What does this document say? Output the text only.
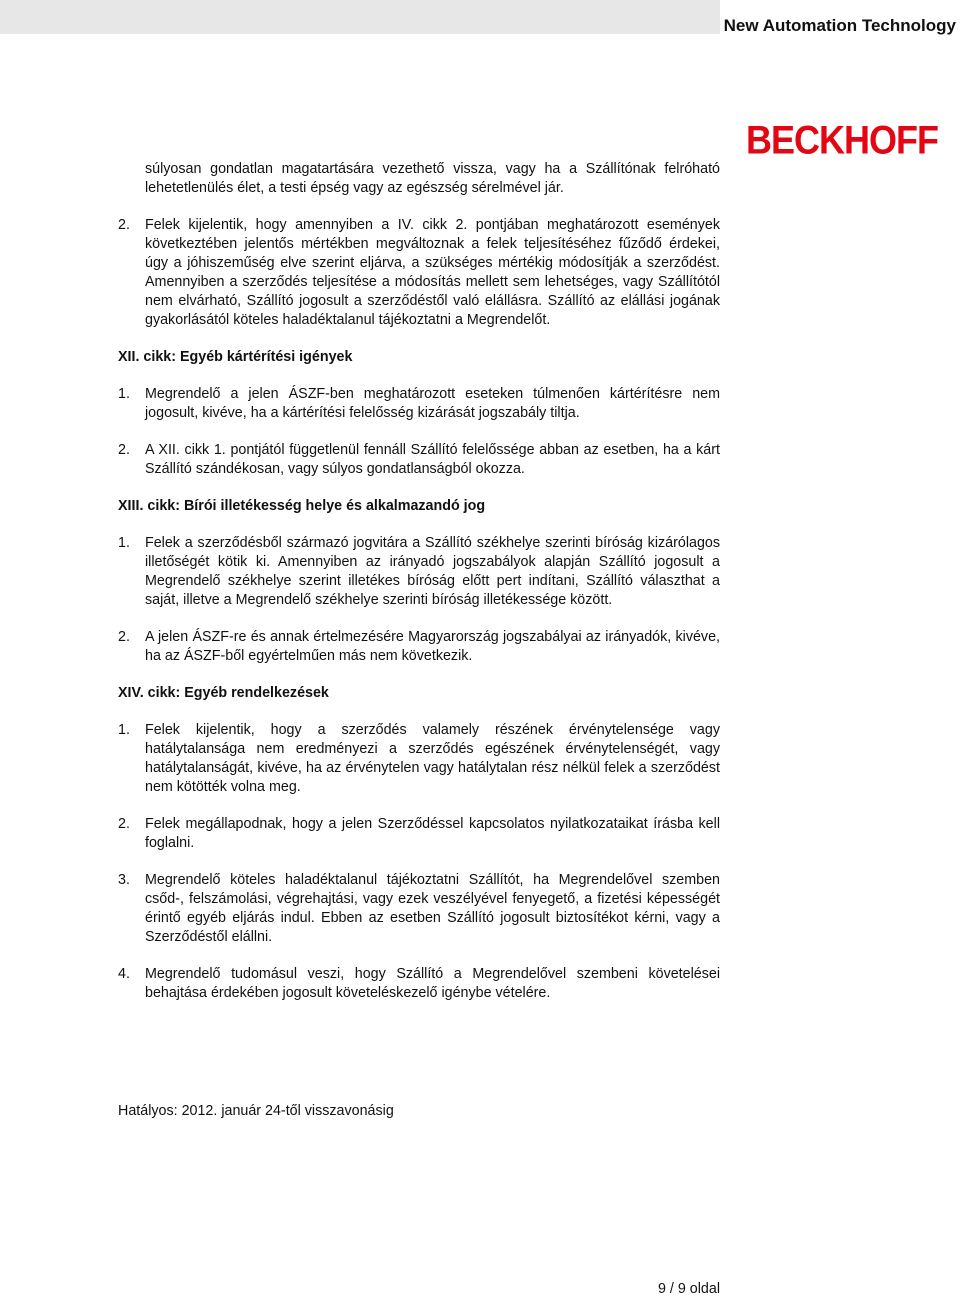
New Automation Technology

BECKHOFF

súlyosan gondatlan magatartására vezethető vissza, vagy ha a Szállítónak felróható lehetetlenülés élet, a testi épség vagy az egészség sérelmével jár.

2.	Felek kijelentik, hogy amennyiben a IV. cikk 2. pontjában meghatározott események következtében jelentős mértékben megváltoznak a felek teljesítéséhez fűződő érdekei, úgy a jóhiszeműség elve szerint eljárva, a szükséges mértékig módosítják a szerződést. Amennyiben a szerződés teljesítése a módosítás mellett sem lehetséges, vagy Szállítótól nem elvárható, Szállító jogosult a szerződéstől való elállásra. Szállító az elállási jogának gyakorlásától köteles haladéktalanul tájékoztatni a Megrendelőt.

XII. cikk: Egyéb kártérítési igények

1.	Megrendelő a jelen ÁSZF-ben meghatározott eseteken túlmenően kártérítésre nem jogosult, kivéve, ha a kártérítési felelősség kizárását jogszabály tiltja.
2.	A XII. cikk 1. pontjától függetlenül fennáll Szállító felelőssége abban az esetben, ha a kárt Szállító szándékosan, vagy súlyos gondatlanságból okozza.

XIII. cikk: Bírói illetékesség helye és alkalmazandó jog

1.	Felek a szerződésből származó jogvitára a Szállító székhelye szerinti bíróság kizárólagos illetőségét kötik ki. Amennyiben az irányadó jogszabályok alapján Szállító jogosult a Megrendelő székhelye szerint illetékes bíróság előtt pert indítani, Szállító választhat a saját, illetve a Megrendelő székhelye szerinti bíróság illetékessége között.
2.	A jelen ÁSZF-re és annak értelmezésére Magyarország jogszabályai az irányadók, kivéve, ha az ÁSZF-ből egyértelműen más nem következik.

XIV. cikk: Egyéb rendelkezések

1.	Felek kijelentik, hogy a szerződés valamely részének érvénytelensége vagy hatálytalansága nem eredményezi a szerződés egészének érvénytelenségét, vagy hatálytalanságát, kivéve, ha az érvénytelen vagy hatálytalan rész nélkül felek a szerződést nem kötötték volna meg.
2.	Felek megállapodnak, hogy a jelen Szerződéssel kapcsolatos nyilatkozataikat írásba kell foglalni.
3.	Megrendelő köteles haladéktalanul tájékoztatni Szállítót, ha Megrendelővel szemben csőd-, felszámolási, végrehajtási, vagy ezek veszélyével fenyegető, a fizetési képességét érintő egyéb eljárás indul. Ebben az esetben Szállító jogosult biztosítékot kérni, vagy a Szerződéstől elállni.
4.	Megrendelő tudomásul veszi, hogy Szállító a Megrendelővel szembeni követelései behajtása érdekében jogosult követeléskezelő igénybe vételére.

Hatályos: 2012. január 24-től visszavonásig

9 / 9 oldal
